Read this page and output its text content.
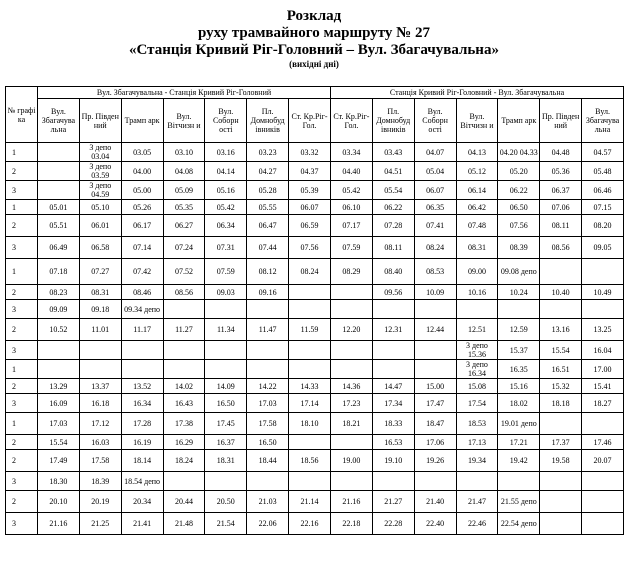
Розклад
руху трамвайного маршруту № 27
«Станція Кривий Ріг-Головний – Вул. Збагачувальна»
(вихідні дні)
№ графі ка	Вул. Збагачувальна - Станція Кривий Ріг-Головний							Станція Кривий Ріг-Головний - Вул. Збагачувальна						
	Вул. Збагачува льна	Пр. Півден ний	Трамп арк	Вул. Вітчизн и	Вул. Соборн ості	Пл. Домнобуд івників	Ст. Кр.Ріг-Гол.	Ст. Кр.Ріг-Гол.	Пл. Домнобуд івників	Вул. Соборн ості	Вул. Вітчизн и	Трамп арк	Пр. Півден ний	Вул. Збагачува льна
1		3 депо 03.04	03.05	03.10	03.16	03.23	03.32	03.34	03.43	04.07	04.13	04.20 04.33	04.48	04.57
2		3 депо 03.59	04.00	04.08	04.14	04.27	04.37	04.40	04.51	05.04	05.12	05.20	05.36	05.48
3		3 депо 04.59	05.00	05.09	05.16	05.28	05.39	05.42	05.54	06.07	06.14	06.22	06.37	06.46
1	05.01	05.10	05.26	05.35	05.42	05.55	06.07	06.10	06.22	06.35	06.42	06.50	07.06	07.15
2	05.51	06.01	06.17	06.27	06.34	06.47	06.59	07.17	07.28	07.41	07.48	07.56	08.11	08.20
3	06.49	06.58	07.14	07.24	07.31	07.44	07.56	07.59	08.11	08.24	08.31	08.39	08.56	09.05
1	07.18	07.27	07.42	07.52	07.59	08.12	08.24	08.29	08.40	08.53	09.00	09.08 депо		
2	08.23	08.31	08.46	08.56	09.03	09.16			09.56	10.09	10.16	10.24	10.40	10.49
3	09.09	09.18	09.34 депо											
2	10.52	11.01	11.17	11.27	11.34	11.47	11.59	12.20	12.31	12.44	12.51	12.59	13.16	13.25
3											3 депо 15.36	15.37	15.54	16.04
1											3 депо 16.34	16.35	16.51	17.00
2	13.29	13.37	13.52	14.02	14.09	14.22	14.33	14.36	14.47	15.00	15.08	15.16	15.32	15.41
3	16.09	16.18	16.34	16.43	16.50	17.03	17.14	17.23	17.34	17.47	17.54	18.02	18.18	18.27
1	17.03	17.12	17.28	17.38	17.45	17.58	18.10	18.21	18.33	18.47	18.53	19.01 депо		
2	15.54	16.03	16.19	16.29	16.37	16.50			16.53	17.06	17.13	17.21	17.37	17.46
2	17.49	17.58	18.14	18.24	18.31	18.44	18.56	19.00	19.10	19.26	19.34	19.42	19.58	20.07
3	18.30	18.39	18.54 депо											
2	20.10	20.19	20.34	20.44	20.50	21.03	21.14	21.16	21.27	21.40	21.47	21.55 депо		
3	21.16	21.25	21.41	21.48	21.54	22.06	22.16	22.18	22.28	22.40	22.46	22.54 депо		
